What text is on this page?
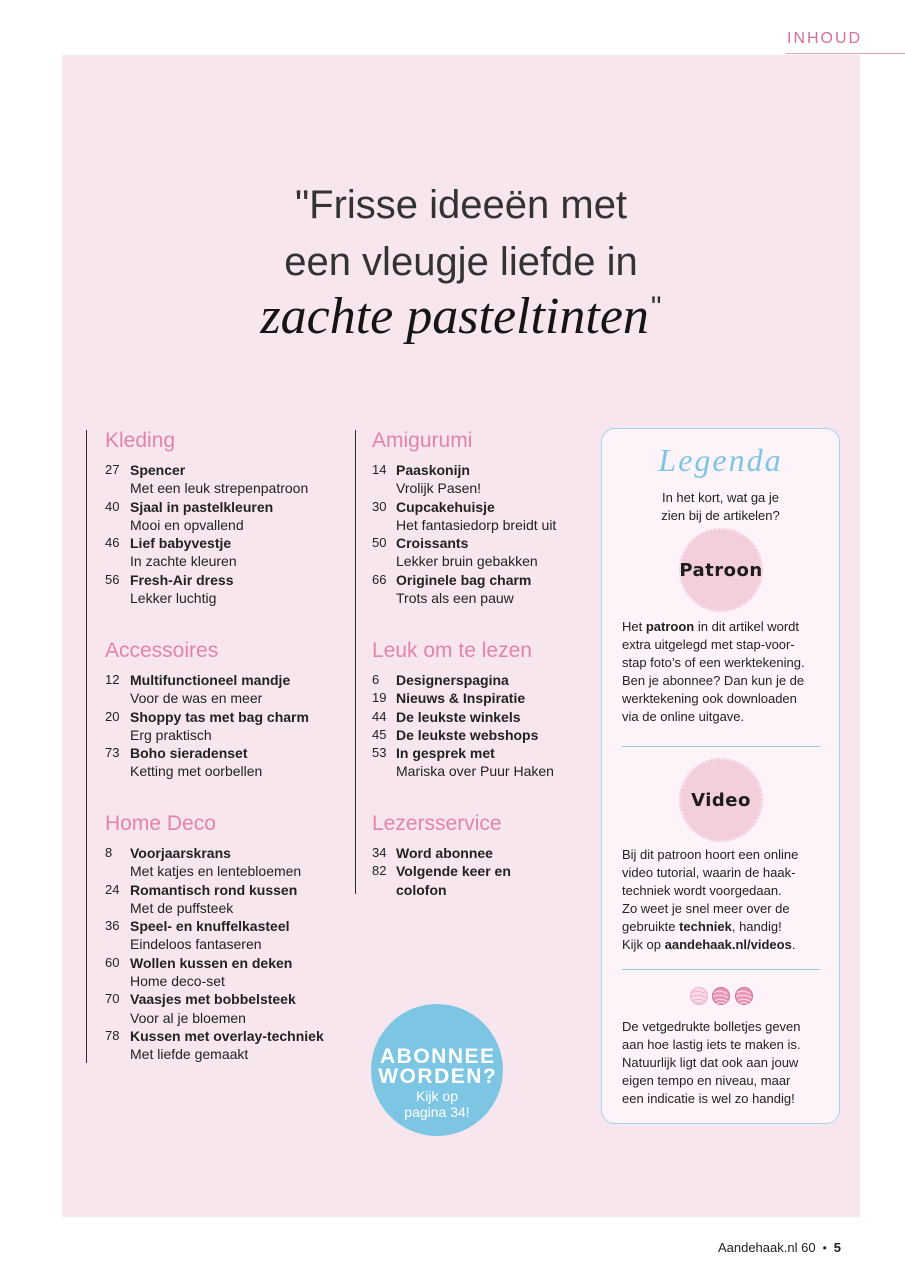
INHOUD
"Frisse ideeën met
een vleugje liefde in
zachte pasteltinten"
Kleding
27 Spencer
Met een leuk strepenpatroon
40 Sjaal in pastelkleuren
Mooi en opvallend
46 Lief babyvestje
In zachte kleuren
56 Fresh-Air dress
Lekker luchtig
Accessoires
12 Multifunctioneel mandje
Voor de was en meer
20 Shoppy tas met bag charm
Erg praktisch
73 Boho sieradenset
Ketting met oorbellen
Home Deco
8	Voorjaarskrans
Met katjes en lentebloemen
24 Romantisch rond kussen
Met de puffsteek
36 Speel- en knuffelkasteel
Eindeloos fantaseren
60 Wollen kussen en deken
Home deco-set
70 Vaasjes met bobbelsteek
Voor al je bloemen
78 Kussen met overlay-techniek
Met liefde gemaakt
Amigurumi
14 Paaskonijn
Vrolijk Pasen!
30 Cupcakehuisje
Het fantasiedorp breidt uit
50 Croissants
Lekker bruin gebakken
66 Originele bag charm
Trots als een pauw
Leuk om te lezen
6	Designerspagina
19 Nieuws & Inspiratie
44 De leukste winkels
45 De leukste webshops
53 In gesprek met
Mariska over Puur Haken
Lezersservice
34 Word abonnee
82 Volgende keer en
colofon
ABONNEE
WORDEN?
Kijk op
pagina 34!
Legenda
In het kort, wat ga je
zien bij de artikelen?
Patroon
Het patroon in dit artikel wordt
extra uitgelegd met stap-voor-
stap foto’s of een werktekening.
Ben je abonnee? Dan kun je de
werktekening ook downloaden
via de online uitgave.
Video
Bij dit patroon hoort een online
video tutorial, waarin de haak-
techniek wordt voorgedaan.
Zo weet je snel meer over de
gebruikte techniek, handig!
Kijk op aandehaak.nl/videos.
De vetgedrukte bolletjes geven
aan hoe lastig iets te maken is.
Natuurlijk ligt dat ook aan jouw
eigen tempo en niveau, maar
een indicatie is wel zo handig!
Aandehaak.nl 60 • 5
